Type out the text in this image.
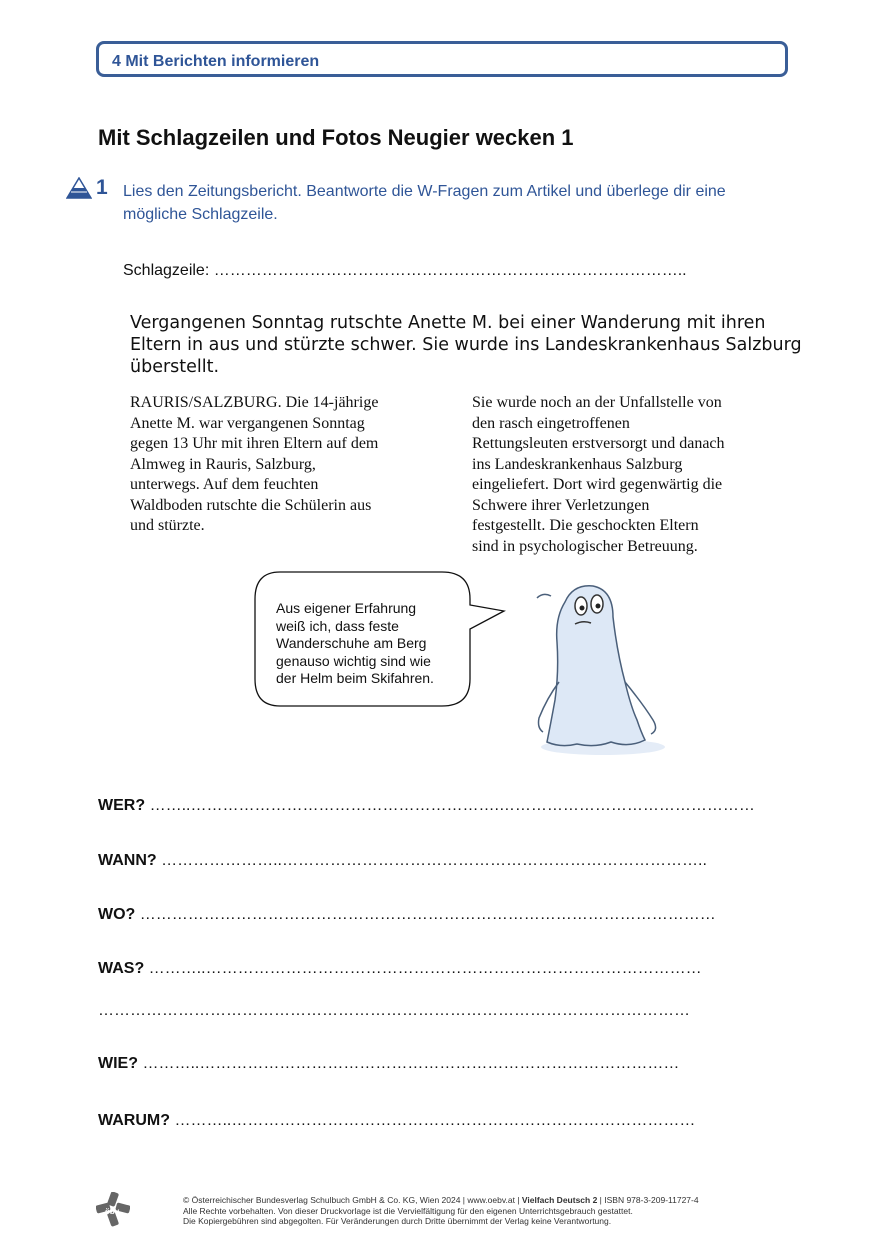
4 Mit Berichten informieren
Mit Schlagzeilen und Fotos Neugier wecken 1
1 Lies den Zeitungsbericht. Beantworte die W-Fragen zum Artikel und überlege dir eine mögliche Schlagzeile.
Schlagzeile: ……………………………………………………………………………..
Vergangenen Sonntag rutschte Anette M. bei einer Wanderung mit ihren Eltern in aus und stürzte schwer. Sie wurde ins Landeskrankenhaus Salzburg überstellt.
RAURIS/SALZBURG. Die 14-jährige
Anette M. war vergangenen Sonntag
gegen 13 Uhr mit ihren Eltern auf dem
Almweg in Rauris, Salzburg,
unterwegs. Auf dem feuchten
Waldboden rutschte die Schülerin aus
und stürzte.
Sie wurde noch an der Unfallstelle von
den rasch eingetroffenen
Rettungsleuten erstversorgt und danach
ins Landeskrankenhaus Salzburg
eingeliefert. Dort wird gegenwärtig die
Schwere ihrer Verletzungen
festgestellt. Die geschockten Eltern
sind in psychologischer Betreuung.
Aus eigener Erfahrung
weiß ich, dass feste
Wanderschuhe am Berg
genauso wichtig sind wie
der Helm beim Skifahren.
WER? ……..………………………………………………….…………………………………………
WANN? …………………..……………………………………………………………………..
WO? ………………………………………………………………………………………………
WAS? ………..…………………………………………………………………………………
…………………………………………………………………………………………………
WIE? ………..………………………………………………………………………………
WARUM? ………..……………………………………………………………………………
öbv
© Österreichischer Bundesverlag Schulbuch GmbH & Co. KG, Wien 2024 | www.oebv.at | Vielfach Deutsch 2 | ISBN 978-3-209-11727-4
Alle Rechte vorbehalten. Von dieser Druckvorlage ist die Vervielfältigung für den eigenen Unterrichtsgebrauch gestattet.
Die Kopiergebühren sind abgegolten. Für Veränderungen durch Dritte übernimmt der Verlag keine Verantwortung.
